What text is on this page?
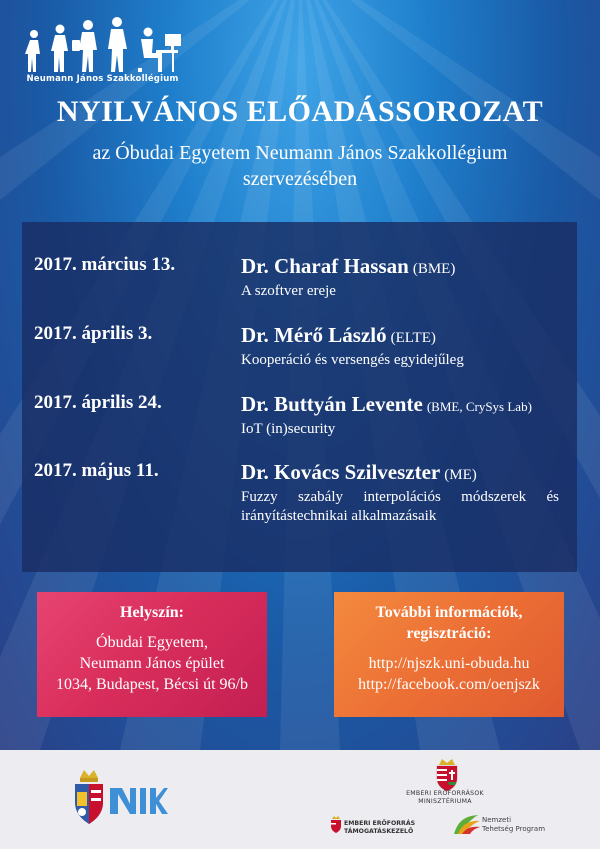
Neumann János Szakkollégium
NYILVÁNOS ELŐADÁSSOROZAT
az Óbudai Egyetem Neumann János Szakkollégium
szervezésében
2017. március 13.	Dr. Charaf Hassan (BME)
A szoftver ereje
2017. április 3.	Dr. Mérő László (ELTE)
Kooperáció és versengés egyidejűleg
2017. április 24.	Dr. Buttyán Levente (BME, CrySys Lab)
IoT (in)security
2017. május 11.	Dr. Kovács Szilveszter (ME)
Fuzzy szabály interpolációs módszerek és irányítástechnikai alkalmazásaik
Helyszín:
Óbudai Egyetem,
Neumann János épület
1034, Budapest, Bécsi út 96/b
További információk,
regisztráció:
http://njszk.uni-obuda.hu
http://facebook.com/oenjszk
NIK
EMBERI ERŐFORRÁSOK
MINISZTÉRIUMA
EMBERI ERŐFORRÁS
TÁMOGATÁSKEZELŐ
Nemzeti
Tehetség Program
